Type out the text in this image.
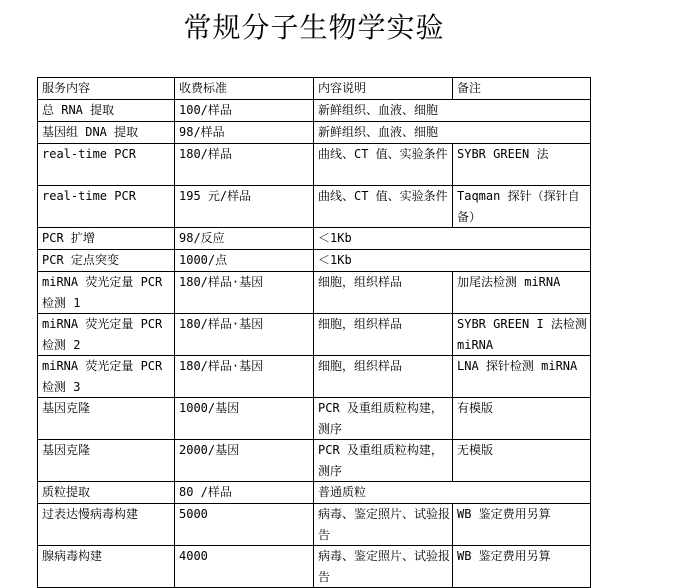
常规分子生物学实验
服务内容	收费标准	内容说明	备注
总 RNA 提取	100/样品	新鲜组织、血液、细胞	
基因组 DNA 提取	98/样品	新鲜组织、血液、细胞	
real-time PCR	180/样品	曲线、CT 值、实验条件	SYBR GREEN 法
real-time PCR	195 元/样品	曲线、CT 值、实验条件	Taqman 探针（探针自备）
PCR 扩增	98/反应	＜1Kb	
PCR 定点突变	1000/点	＜1Kb	
miRNA 荧光定量 PCR 检测 1	180/样品·基因	细胞，组织样品	加尾法检测 miRNA
miRNA 荧光定量 PCR 检测 2	180/样品·基因	细胞，组织样品	SYBR GREEN I 法检测 miRNA
miRNA 荧光定量 PCR 检测 3	180/样品·基因	细胞，组织样品	LNA 探针检测 miRNA
基因克隆	1000/基因	PCR 及重组质粒构建，测序	有模版
基因克隆	2000/基因	PCR 及重组质粒构建，测序	无模版
质粒提取	80 /样品	普通质粒	
过表达慢病毒构建	5000	病毒、鉴定照片、试验报告	WB 鉴定费用另算
腺病毒构建	4000	病毒、鉴定照片、试验报告	WB 鉴定费用另算
